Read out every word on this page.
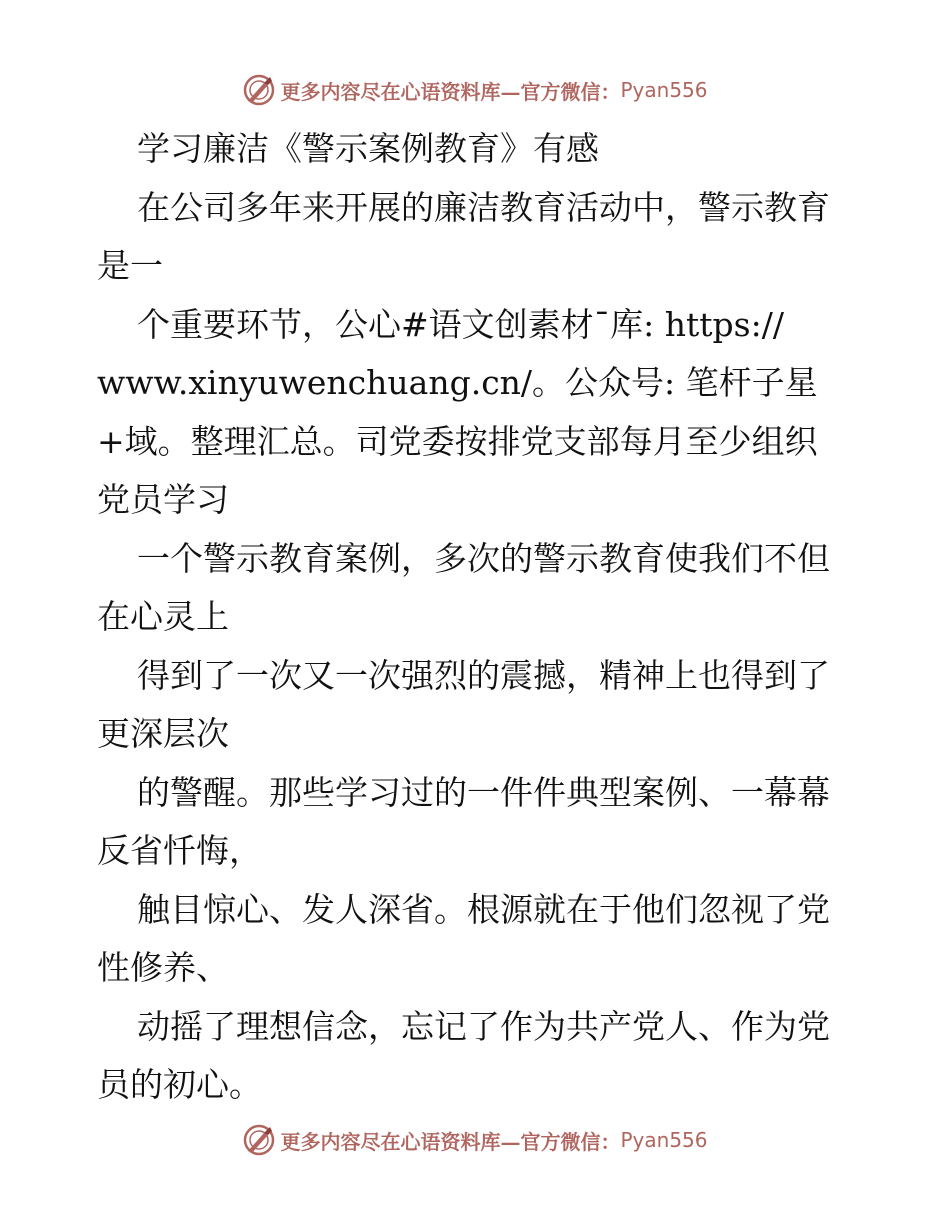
更多内容尽在心语资料库—官方微信： Pyan556
学习廉洁《警示案例教育》有感
在公司多年来开展的廉洁教育活动中，警示教育
是一
个重要环节，公心#语文创素材¯库: https://
www.xinyuwenchuang.cn/。公众号: 笔杆子星
+域。整理汇总。司党委按排党支部每月至少组织
党员学习
一个警示教育案例，多次的警示教育使我们不但
在心灵上
得到了一次又一次强烈的震撼，精神上也得到了
更深层次
的警醒。那些学习过的一件件典型案例、一幕幕
反省忏悔，
触目惊心、发人深省。根源就在于他们忽视了党
性修养、
动摇了理想信念，忘记了作为共产党人、作为党
员的初心。
更多内容尽在心语资料库—官方微信： Pyan556
